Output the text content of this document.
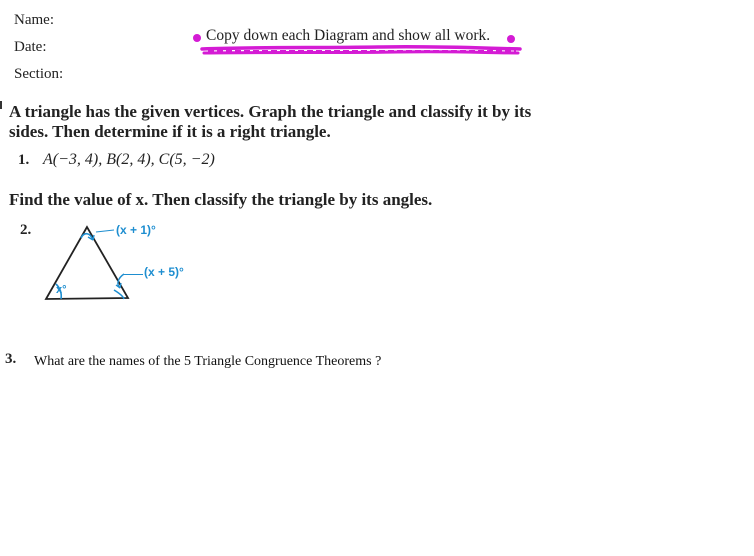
Name:
Date:
Section:
Copy down each Diagram and show all work.
A triangle has the given vertices. Graph the triangle and classify it by its
sides. Then determine if it is a right triangle.
1. A(−3, 4), B(2, 4), C(5, −2)
Find the value of x. Then classify the triangle by its angles.
2.	(x + 1)°
(x + 5)°
x°
3. What are the names of the 5 Triangle Congruence Theorems ?
